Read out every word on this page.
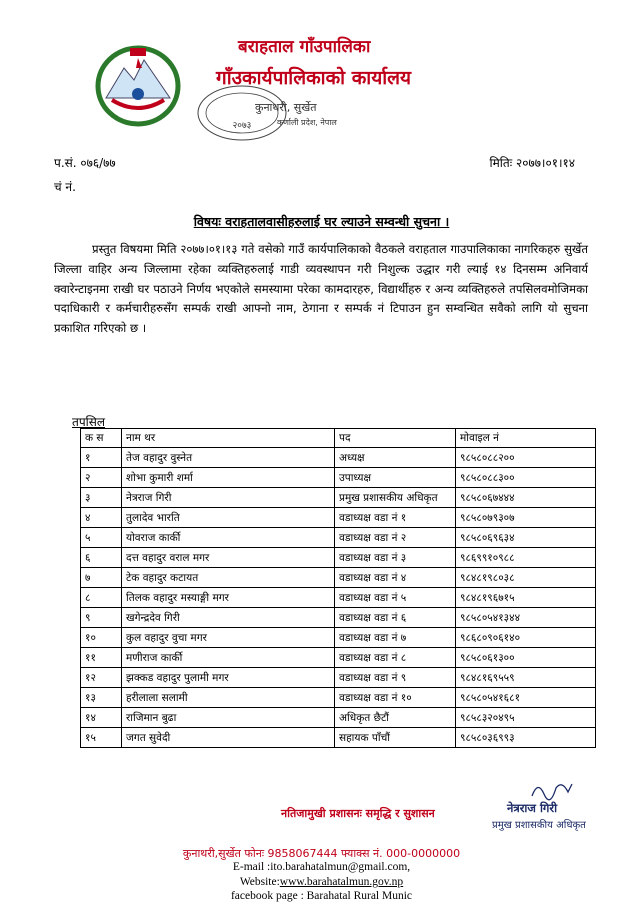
बराहताल गाँउपालिका
गाँउकार्यपालिकाको कार्यालय
२०७३
कुनाथरी, सुर्खेत
कर्णाली प्रदेश, नेपाल
प.सं. ०७६/७७	मितिः २०७७।०१।१४
चं नं.
विषयः वराहतालवासीहरुलाई घर ल्याउने सम्वन्धी सुचना ।

प्रस्तुत विषयमा मिति २०७७।०१।१३ गते वसेको गाउँ कार्यपालिकाको वैठकले वराहताल गाउपालिकाका नागरिकहरु सुर्खेत जिल्ला वाहिर अन्य जिल्लामा रहेका व्यक्तिहरुलाई गाडी व्यवस्थापन गरी निशुल्क उद्धार गरी ल्याई १४ दिनसम्म अनिवार्य क्वारेन्टाइनमा राखी घर पठाउने निर्णय भएकोले समस्यामा परेका कामदारहरु, विद्यार्थीहरु र अन्य व्यक्तिहरुले तपसिलवमोजिमका पदाधिकारी र कर्मचारीहरुसँग सम्पर्क राखी आफ्नो नाम, ठेगाना र सम्पर्क नं टिपाउन हुन सम्वन्धित सवैको लागि यो सुचना प्रकाशित गरिएको छ ।

तपसिल
क स	नाम थर	पद	मोवाइल नं
१	तेज वहादुर वुस्नेत	अध्यक्ष	९८५८०८८२००
२	शोभा कुमारी शर्मा	उपाध्यक्ष	९८५८०८८३००
३	नेत्रराज गिरी	प्रमुख प्रशासकीय अधिकृत	९८५८०६७४४४
४	तुलादेव भारति	वडाध्यक्ष वडा नं १	९८५८०७९३०७
५	योवराज कार्की	वडाध्यक्ष वडा नं २	९८५८०६९६३४
६	दत्त वहादुर वराल मगर	वडाध्यक्ष वडा नं ३	९८६९९१०९८८
७	टेक वहादुर कटायत	वडाध्यक्ष वडा नं ४	९८४८१९८०३८
८	तिलक वहादुर मस्याङ्गी मगर	वडाध्यक्ष वडा नं ५	९८४८१९६७१५
९	खगेन्द्रदेव गिरी	वडाध्यक्ष वडा नं ६	९८५८०५४१३४४
१०	कुल वहादुर वुचा मगर	वडाध्यक्ष वडा नं ७	९८६८०९०६१४०
११	मणीराज कार्की	वडाध्यक्ष वडा नं ८	९८५८०६१३००
१२	झक्कड वहादुर पुलामी मगर	वडाध्यक्ष वडा नं ९	९८४८१६९५५९
१३	हरीलाला सलामी	वडाध्यक्ष वडा नं १०	९८५८०५४१६८१
१४	राजिमान बुढा	अधिकृत छैटौं	९८५८३२०४९५
१५	जगत सुवेदी	सहायक पाँचौं	९८५८०३६९९३
नेत्रराज गिरी
प्रमुख प्रशासकीय अधिकृत
नतिजामुखी प्रशासनः समृद्धि र सुशासन
कुनाथरी,सुर्खेत फोनः 9858067444 फ्याक्स नं. 000-0000000
E-mail :ito.barahatalmun@gmail.com,
Website:www.barahatalmun.gov.np
facebook page : Barahatal Rural Munic
